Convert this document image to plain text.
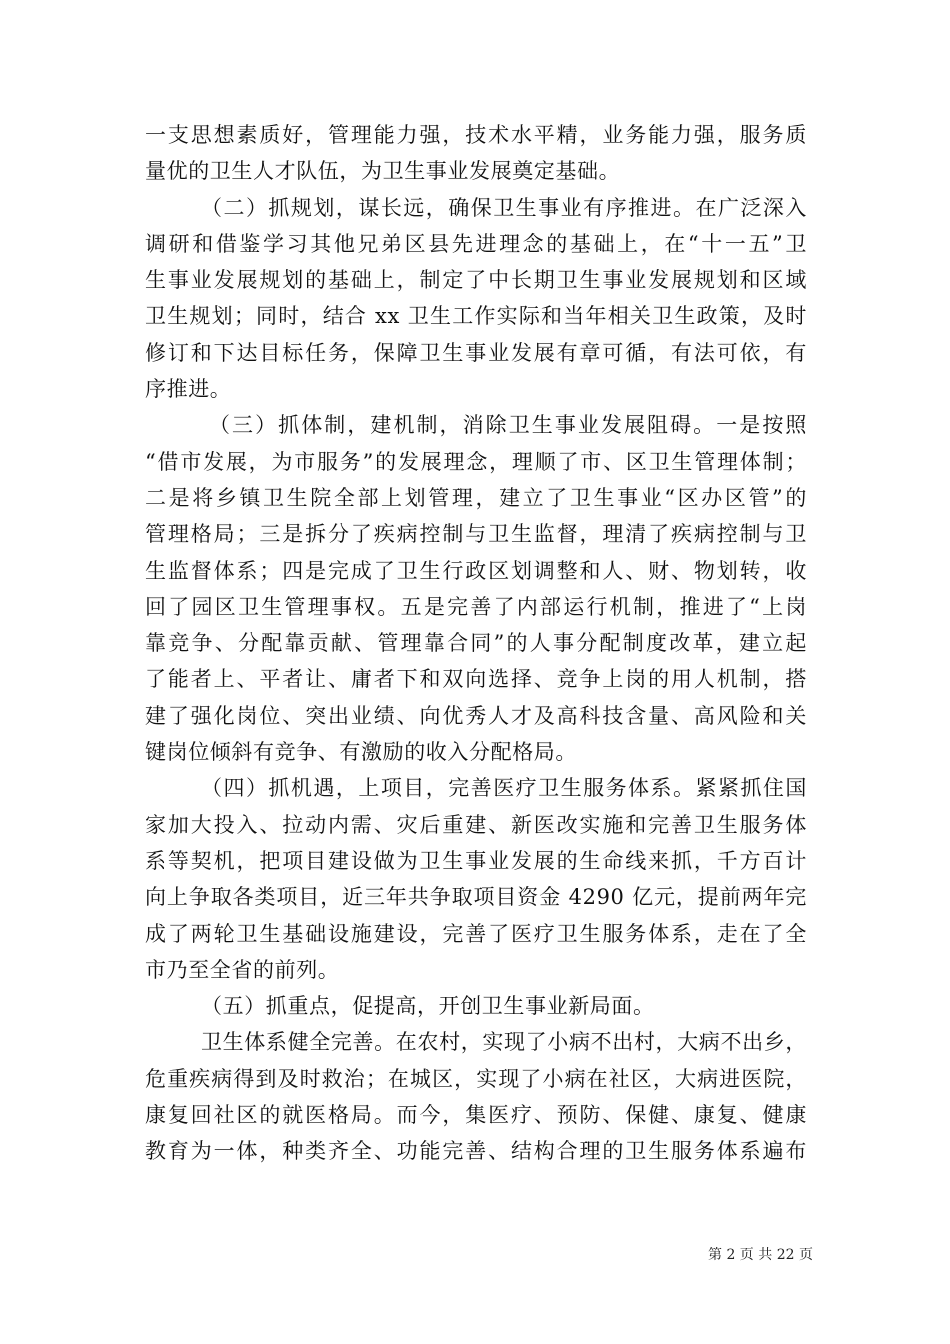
一支思想素质好，管理能力强，技术水平精，业务能力强，服务质
量优的卫生人才队伍，为卫生事业发展奠定基础。
（二）抓规划，谋长远，确保卫生事业有序推进。在广泛深入
调研和借鉴学习其他兄弟区县先进理念的基础上，在“十一五”卫
生事业发展规划的基础上，制定了中长期卫生事业发展规划和区域
卫生规划；同时，结合 xx 卫生工作实际和当年相关卫生政策，及时
修订和下达目标任务，保障卫生事业发展有章可循，有法可依，有
序推进。
（三）抓体制，建机制，消除卫生事业发展阻碍。一是按照
“借市发展，为市服务”的发展理念，理顺了市、区卫生管理体制；
二是将乡镇卫生院全部上划管理，建立了卫生事业“区办区管”的
管理格局；三是拆分了疾病控制与卫生监督，理清了疾病控制与卫
生监督体系；四是完成了卫生行政区划调整和人、财、物划转，收
回了园区卫生管理事权。五是完善了内部运行机制，推进了“上岗
靠竞争、分配靠贡献、管理靠合同”的人事分配制度改革，建立起
了能者上、平者让、庸者下和双向选择、竞争上岗的用人机制，搭
建了强化岗位、突出业绩、向优秀人才及高科技含量、高风险和关
键岗位倾斜有竞争、有激励的收入分配格局。
（四）抓机遇，上项目，完善医疗卫生服务体系。紧紧抓住国
家加大投入、拉动内需、灾后重建、新医改实施和完善卫生服务体
系等契机，把项目建设做为卫生事业发展的生命线来抓，千方百计
向上争取各类项目，近三年共争取项目资金 4290 亿元，提前两年完
成了两轮卫生基础设施建设，完善了医疗卫生服务体系，走在了全
市乃至全省的前列。
（五）抓重点，促提高，开创卫生事业新局面。
卫生体系健全完善。在农村，实现了小病不出村，大病不出乡，
危重疾病得到及时救治；在城区，实现了小病在社区，大病进医院，
康复回社区的就医格局。而今，集医疗、预防、保健、康复、健康
教育为一体，种类齐全、功能完善、结构合理的卫生服务体系遍布
第 2 页 共 22 页
